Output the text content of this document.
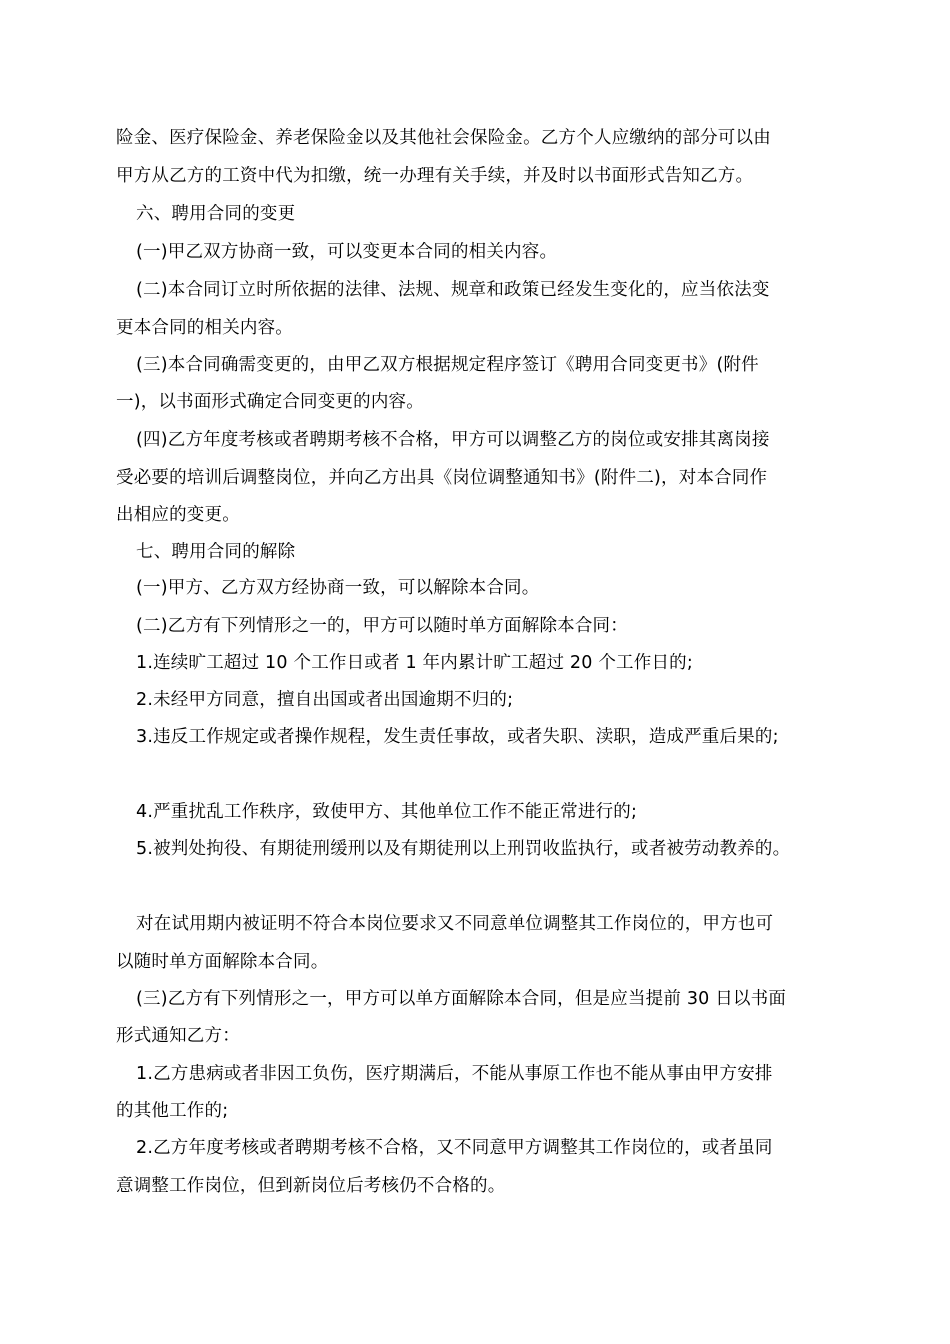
险金、医疗保险金、养老保险金以及其他社会保险金。乙方个人应缴纳的部分可以由
甲方从乙方的工资中代为扣缴，统一办理有关手续，并及时以书面形式告知乙方。
六、聘用合同的变更
(一)甲乙双方协商一致，可以变更本合同的相关内容。
(二)本合同订立时所依据的法律、法规、规章和政策已经发生变化的，应当依法变
更本合同的相关内容。
(三)本合同确需变更的，由甲乙双方根据规定程序签订《聘用合同变更书》(附件
一)，以书面形式确定合同变更的内容。
(四)乙方年度考核或者聘期考核不合格，甲方可以调整乙方的岗位或安排其离岗接
受必要的培训后调整岗位，并向乙方出具《岗位调整通知书》(附件二)，对本合同作
出相应的变更。
七、聘用合同的解除
(一)甲方、乙方双方经协商一致，可以解除本合同。
(二)乙方有下列情形之一的，甲方可以随时单方面解除本合同：
1.连续旷工超过 10 个工作日或者 1 年内累计旷工超过 20 个工作日的;
2.未经甲方同意，擅自出国或者出国逾期不归的;
3.违反工作规定或者操作规程，发生责任事故，或者失职、渎职，造成严重后果的;
4.严重扰乱工作秩序，致使甲方、其他单位工作不能正常进行的;
5.被判处拘役、有期徒刑缓刑以及有期徒刑以上刑罚收监执行，或者被劳动教养的。
对在试用期内被证明不符合本岗位要求又不同意单位调整其工作岗位的，甲方也可
以随时单方面解除本合同。
(三)乙方有下列情形之一，甲方可以单方面解除本合同，但是应当提前 30 日以书面
形式通知乙方：
1.乙方患病或者非因工负伤，医疗期满后，不能从事原工作也不能从事由甲方安排
的其他工作的;
2.乙方年度考核或者聘期考核不合格，又不同意甲方调整其工作岗位的，或者虽同
意调整工作岗位，但到新岗位后考核仍不合格的。
